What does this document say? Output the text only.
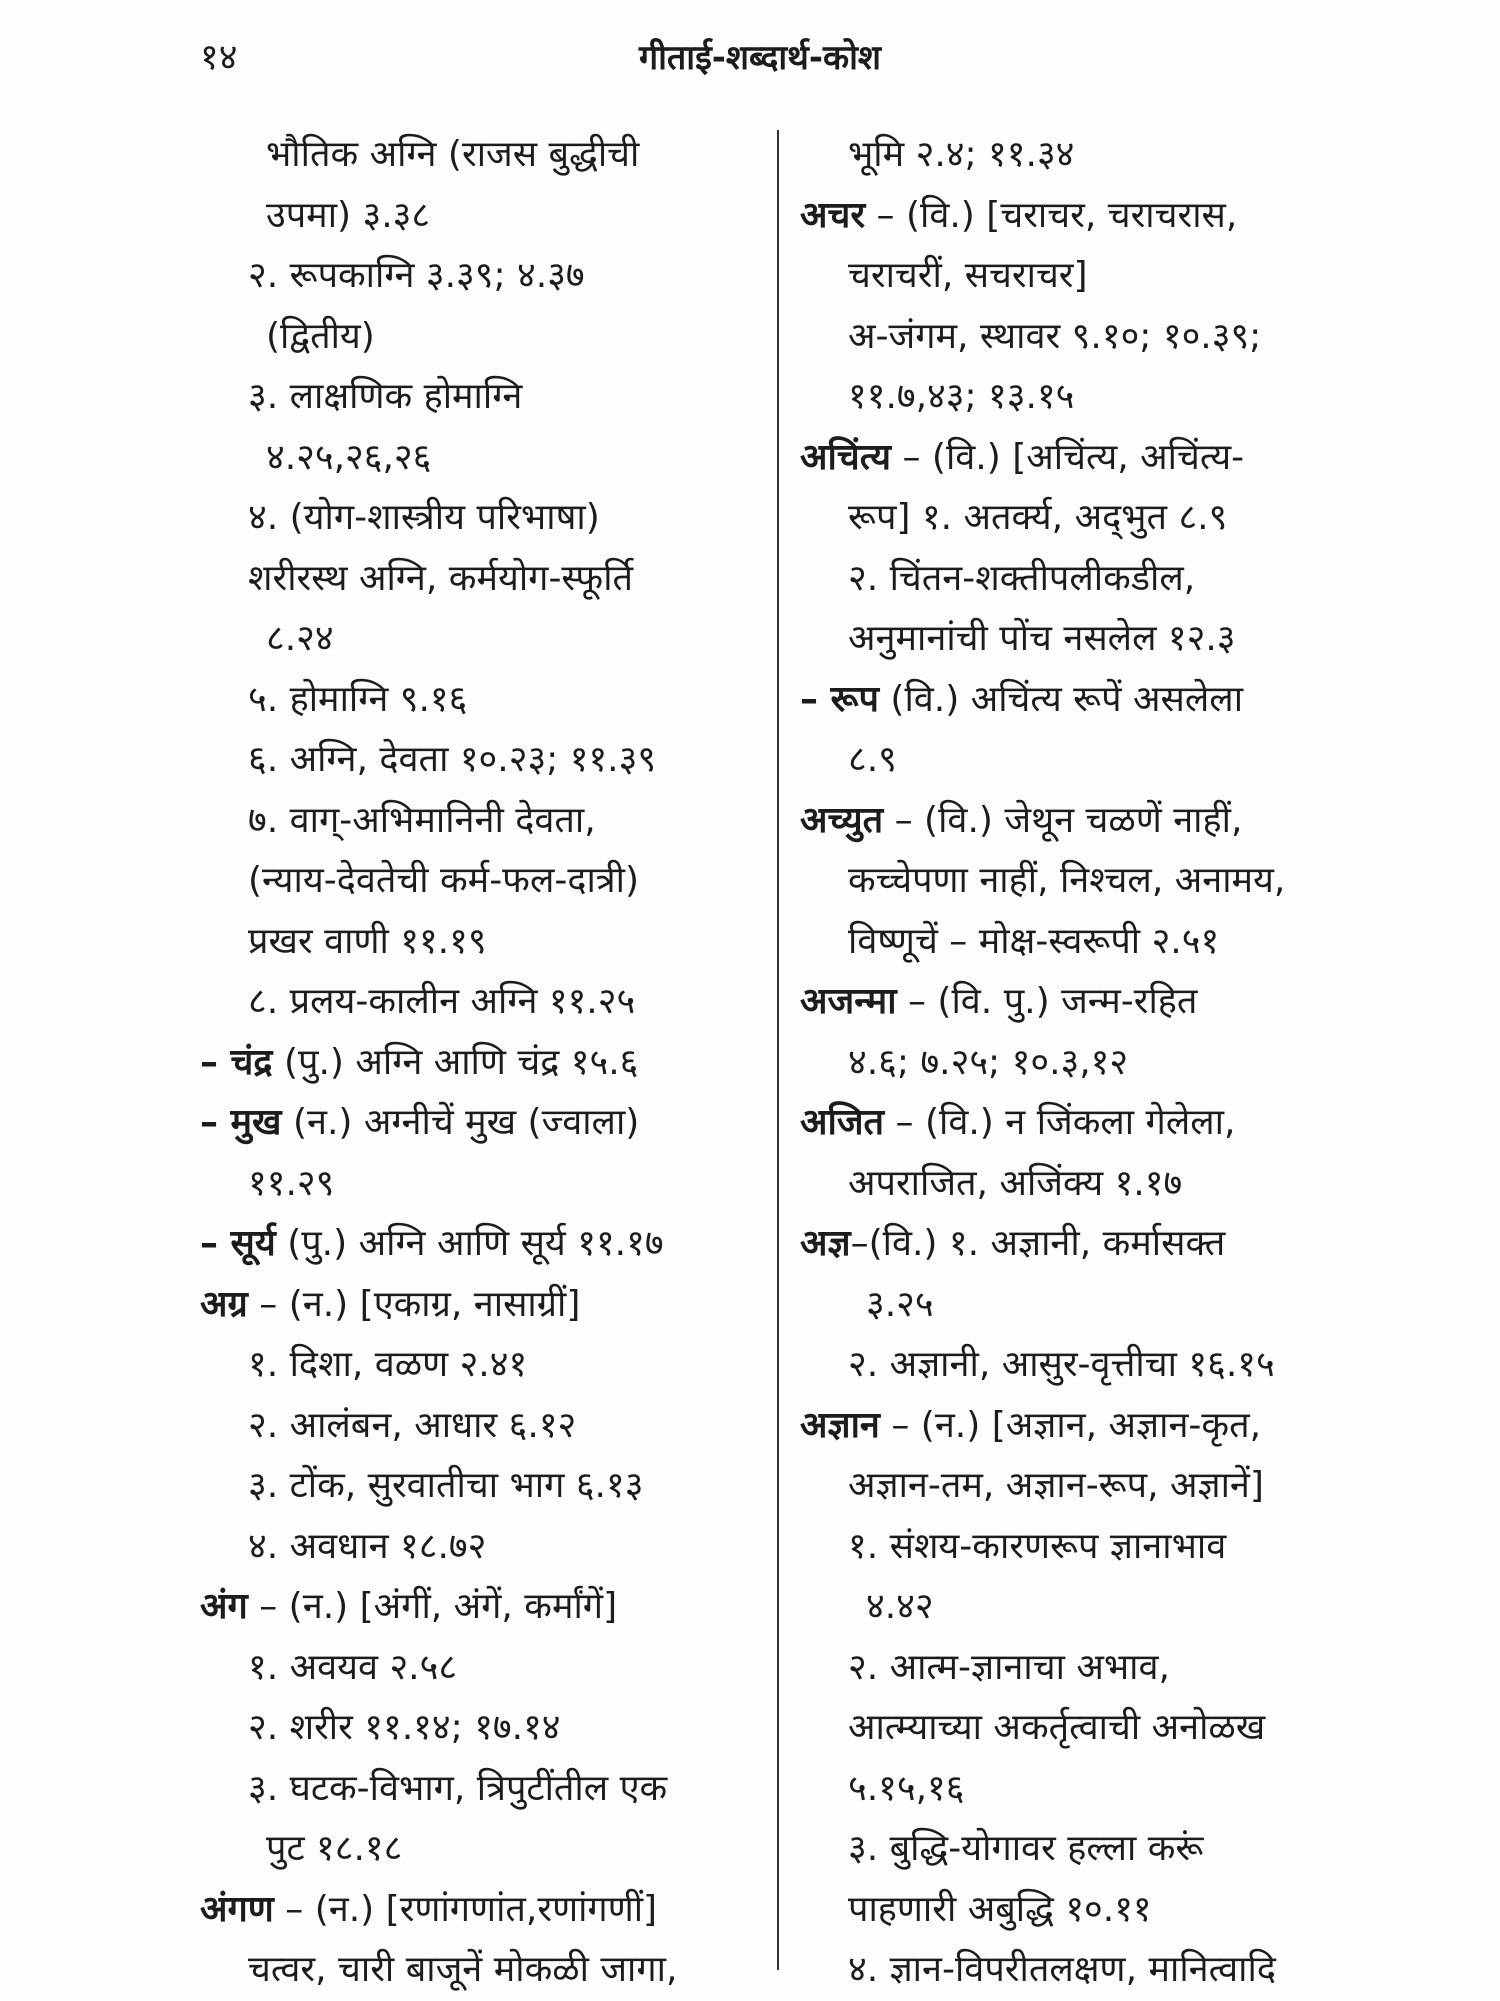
१४	गीताई-शब्दार्थ-कोश
भौतिक अग्नि (राजस बुद्धीची
उपमा) ३.३८
२. रूपकाग्नि ३.३९; ४.३७
(द्वितीय)
३. लाक्षणिक होमाग्नि
४.२५,२६,२६
४. (योग-शास्त्रीय परिभाषा)
शरीरस्थ अग्नि, कर्मयोग-स्फूर्ति
८.२४
५. होमाग्नि ९.१६
६. अग्नि, देवता १०.२३; ११.३९
७. वाग्-अभिमानिनी देवता,
(न्याय-देवतेची कर्म-फल-दात्री)
प्रखर वाणी ११.१९
८. प्रलय-कालीन अग्नि ११.२५
– चंद्र (पु.) अग्नि आणि चंद्र १५.६
– मुख (न.) अग्नीचें मुख (ज्वाला)
११.२९
– सूर्य (पु.) अग्नि आणि सूर्य ११.१७
अग्र – (न.) [एकाग्र, नासाग्रीं]
१. दिशा, वळण २.४१
२. आलंबन, आधार ६.१२
३. टोंक, सुरवातीचा भाग ६.१३
४. अवधान १८.७२
अंग – (न.) [अंगीं, अंगें, कर्मांगें]
१. अवयव २.५८
२. शरीर ११.१४; १७.१४
३. घटक-विभाग, त्रिपुटींतील एक
पुट १८.१८
अंगण – (न.) [रणांगणांत,रणांगणीं]
चत्वर, चारी बाजूनें मोकळी जागा,
भूमि २.४; ११.३४
अचर – (वि.) [चराचर, चराचरास,
चराचरीं, सचराचर]
अ-जंगम, स्थावर ९.१०; १०.३९;
११.७,४३; १३.१५
अचिंत्य – (वि.) [अचिंत्य, अचिंत्य-
रूप] १. अतर्क्य, अद्‌भुत ८.९
२. चिंतन-शक्तीपलीकडील,
अनुमानांची पोंच नसलेल १२.३
– रूप (वि.) अचिंत्य रूपें असलेला
८.९
अच्युत – (वि.) जेथून चळणें नाहीं,
कच्चेपणा नाहीं, निश्चल, अनामय,
विष्णूचें – मोक्ष-स्वरूपी २.५१
अजन्मा – (वि. पु.) जन्म-रहित
४.६; ७.२५; १०.३,१२
अजित – (वि.) न जिंकला गेलेला,
अपराजित, अजिंक्य १.१७
अज्ञ–(वि.) १. अज्ञानी, कर्मासक्त
३.२५
२. अज्ञानी, आसुर-वृत्तीचा १६.१५
अज्ञान – (न.) [अज्ञान, अज्ञान-कृत,
अज्ञान-तम, अज्ञान-रूप, अज्ञानें]
१. संशय-कारणरूप ज्ञानाभाव
४.४२
२. आत्म-ज्ञानाचा अभाव,
आत्म्याच्या अकर्तृत्वाची अनोळख
५.१५,१६
३. बुद्धि-योगावर हल्ला करूं
पाहणारी अबुद्धि १०.११
४. ज्ञान-विपरीतलक्षण, मानित्वादि
